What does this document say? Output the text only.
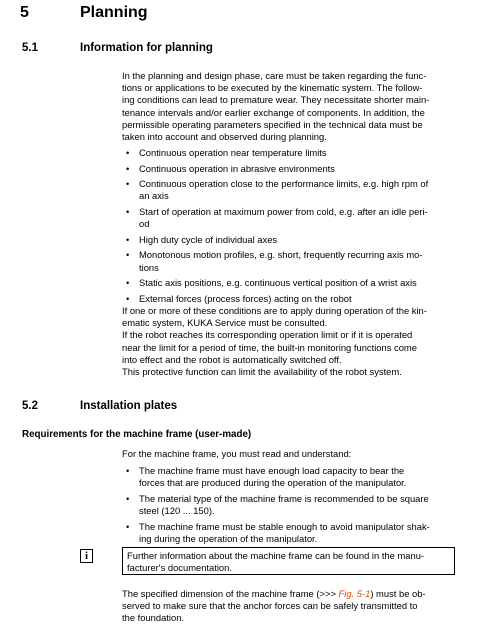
5	Planning
5.1	Information for planning
In the planning and design phase, care must be taken regarding the func-
tions or applications to be executed by the kinematic system. The follow-
ing conditions can lead to premature wear. They necessitate shorter main-
tenance intervals and/or earlier exchange of components. In addition, the
permissible operating parameters specified in the technical data must be
taken into account and observed during planning.
• Continuous operation near temperature limits
• Continuous operation in abrasive environments
• Continuous operation close to the performance limits, e.g. high rpm of
an axis
• Start of operation at maximum power from cold, e.g. after an idle peri-
od
• High duty cycle of individual axes
• Monotonous motion profiles, e.g. short, frequently recurring axis mo-
tions
• Static axis positions, e.g. continuous vertical position of a wrist axis
• External forces (process forces) acting on the robot
If one or more of these conditions are to apply during operation of the kin-
ematic system, KUKA Service must be consulted.
If the robot reaches its corresponding operation limit or if it is operated
near the limit for a period of time, the built-in monitoring functions come
into effect and the robot is automatically switched off.
This protective function can limit the availability of the robot system.
5.2	Installation plates
Requirements for the machine frame (user-made)
For the machine frame, you must read and understand:
• The machine frame must have enough load capacity to bear the
forces that are produced during the operation of the manipulator.
• The material type of the machine frame is recommended to be square
steel (120 ... 150).
• The machine frame must be stable enough to avoid manipulator shak-
ing during the operation of the manipulator.
i	Further information about the machine frame can be found in the manu-
facturer's documentation.
The specified dimension of the machine frame (>>> Fig. 5-1) must be ob-
served to make sure that the anchor forces can be safely transmitted to
the foundation.
